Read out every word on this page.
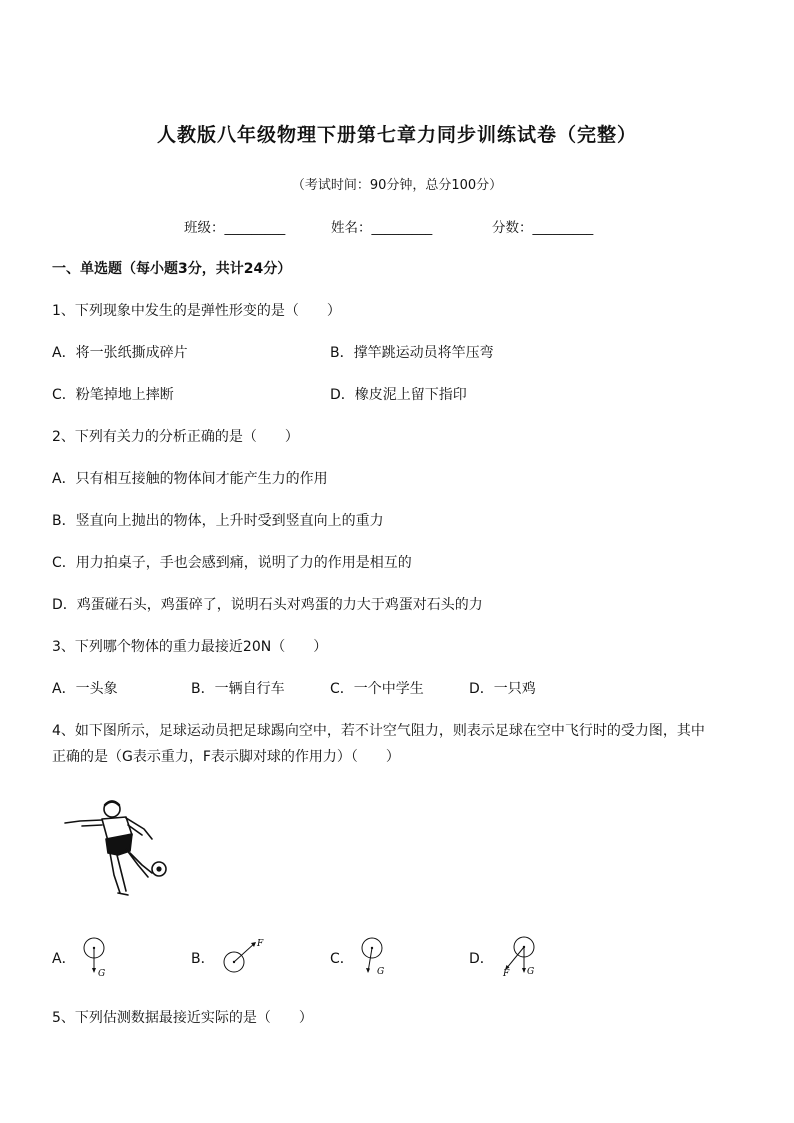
人教版八年级物理下册第七章力同步训练试卷（完整）
（考试时间：90分钟，总分100分）
班级：_________	姓名：_________	分数：_________
一、单选题（每小题3分，共计24分）
1、下列现象中发生的是弹性形变的是（　　）
A．将一张纸撕成碎片	B．撑竿跳运动员将竿压弯
C．粉笔掉地上摔断	D．橡皮泥上留下指印
2、下列有关力的分析正确的是（　　）
A．只有相互接触的物体间才能产生力的作用
B．竖直向上抛出的物体，上升时受到竖直向上的重力
C．用力拍桌子，手也会感到痛，说明了力的作用是相互的
D．鸡蛋碰石头，鸡蛋碎了，说明石头对鸡蛋的力大于鸡蛋对石头的力
3、下列哪个物体的重力最接近20N（　　）
A．一头象	B．一辆自行车	C．一个中学生	D．一只鸡
4、如下图所示，足球运动员把足球踢向空中，若不计空气阻力，则表示足球在空中飞行时的受力图，其中
正确的是（G表示重力，F表示脚对球的作用力）（　　）
A．
G
B．
F
C．
G
D．
F G
5、下列估测数据最接近实际的是（　　）
